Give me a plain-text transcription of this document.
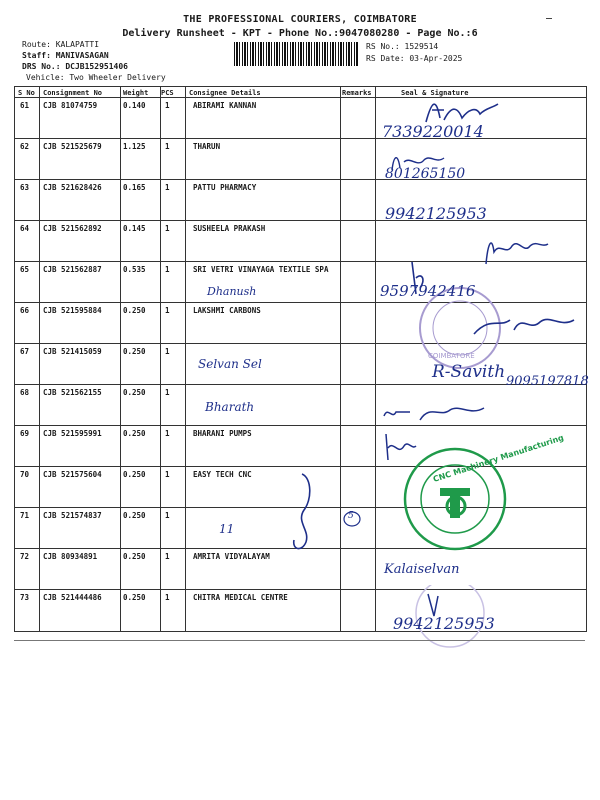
THE PROFESSIONAL COURIERS, COIMBATORE
Delivery Runsheet - KPT - Phone No.:9047080280 - Page No.:6
Route: KALAPATTI
Staff: MANIVASAGAN
DRS No.: DCJB152951406
Vehicle: Two Wheeler Delivery
RS No.: 1529514
RS Date: 03-Apr-2025
S No Consignment No	Weight PCS Consignee Details	Remarks	Seal & Signature
61 CJB 81074759	0.140	1	ABIRAMI KANNAN
62 CJB 521525679	1.125	1	THARUN
63 CJB 521628426	0.165	1	PATTU PHARMACY
64 CJB 521562892	0.145	1	SUSHEELA PRAKASH
65 CJB 521562887	0.535	1	SRI VETRI VINAYAGA TEXTILE SPA
66 CJB 521595884	0.250	1	LAKSHMI CARBONS
67 CJB 521415059	0.250	1
68 CJB 521562155	0.250	1
69 CJB 521595991	0.250	1	BHARANI PUMPS
70 CJB 521575604	0.250	1	EASY TECH CNC
71 CJB 521574837	0.250	1
72 CJB 80934891	0.250	1	AMRITA VIDYALAYAM
73 CJB 521444486	0.250	1	CHITRA MEDICAL CENTRE
CNC Machinery Manufacturing
COIMBATORE
7339220014
801265150
9942125953
Dhanush	9597942416
Selvan Sel	R-Savith 9095197818
Bharath
11
5
Kalaiselvan
9942125953
